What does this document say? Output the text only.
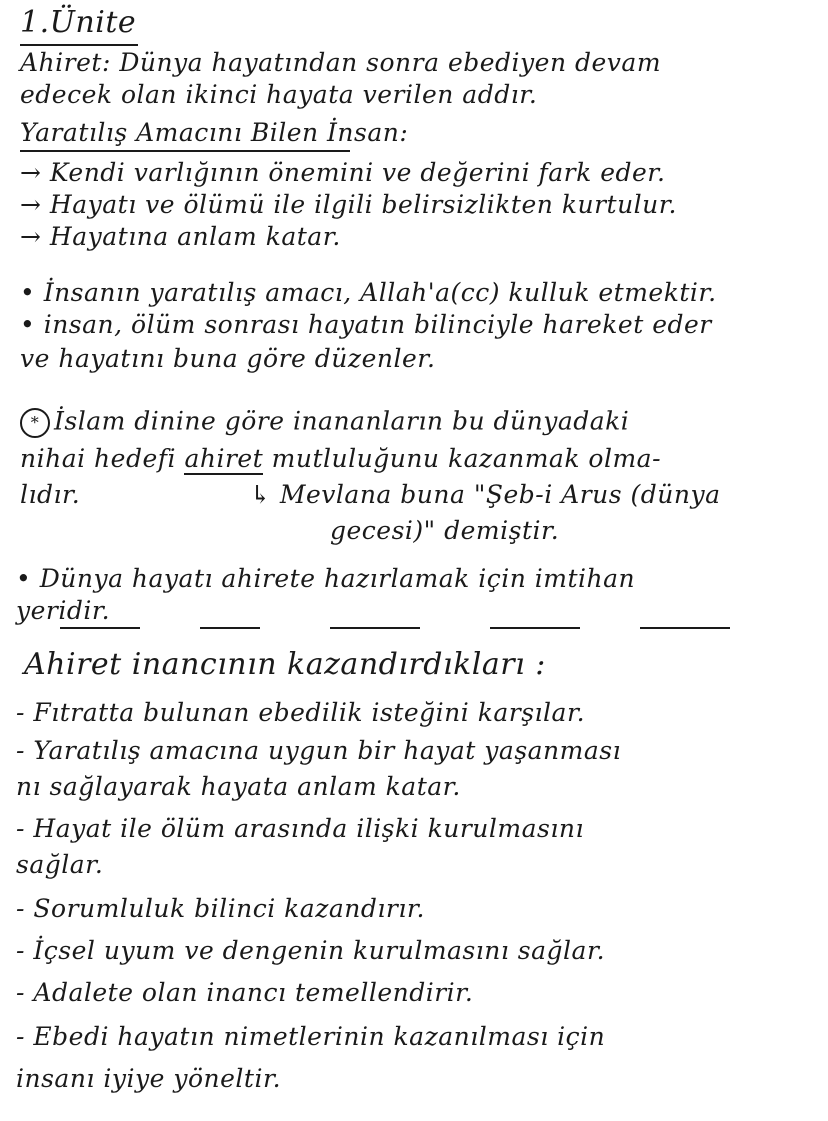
1.Ünite
Ahiret: Dünya hayatından sonra ebediyen devam
edecek olan ikinci hayata verilen addır.
Yaratılış Amacını Bilen İnsan:
→ Kendi varlığının önemini ve değerini fark eder.
→ Hayatı ve ölümü ile ilgili belirsizlikten kurtulur.
→ Hayatına anlam katar.
• İnsanın yaratılış amacı, Allah'a(cc) kulluk etmektir.
• insan, ölüm sonrası hayatın bilinciyle hareket eder
ve hayatını buna göre düzenler.
* İslam dinine göre inananların bu dünyadaki
nihai hedefi ahiret mutluluğunu kazanmak olma-
lıdır.	↳ Mevlana buna "Şeb-i Arus (dünya
gecesi)" demiştir.
• Dünya hayatı ahirete hazırlamak için imtihan
yeridir.
Ahiret inancının kazandırdıkları :
- Fıtratta bulunan ebedilik isteğini karşılar.
- Yaratılış amacına uygun bir hayat yaşanması
nı sağlayarak hayata anlam katar.
- Hayat ile ölüm arasında ilişki kurulmasını
sağlar.
- Sorumluluk bilinci kazandırır.
- İçsel uyum ve dengenin kurulmasını sağlar.
- Adalete olan inancı temellendirir.
- Ebedi hayatın nimetlerinin kazanılması için
insanı iyiye yöneltir.
